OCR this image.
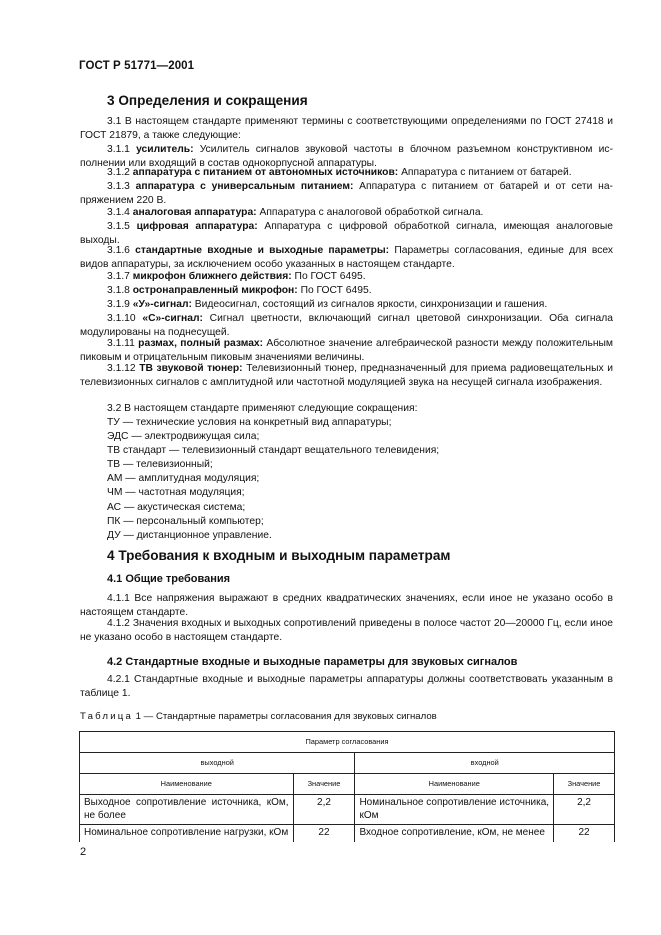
ГОСТ Р 51771—2001
3 Определения и сокращения
3.1 В настоящем стандарте применяют термины с соответствующими определениями по ГОСТ 27418 и ГОСТ 21879, а также следующие:
3.1.1 усилитель: Усилитель сигналов звуковой частоты в блочном разъемном конструктивном исполнении или входящий в состав однокорпусной аппаратуры.
3.1.2 аппаратура с питанием от автономных источников: Аппаратура с питанием от батарей.
3.1.3 аппаратура с универсальным питанием: Аппаратура с питанием от батарей и от сети напряжением 220 В.
3.1.4 аналоговая аппаратура: Аппаратура с аналоговой обработкой сигнала.
3.1.5 цифровая аппаратура: Аппаратура с цифровой обработкой сигнала, имеющая аналоговые выходы.
3.1.6 стандартные входные и выходные параметры: Параметры согласования, единые для всех видов аппаратуры, за исключением особо указанных в настоящем стандарте.
3.1.7 микрофон ближнего действия: По ГОСТ 6495.
3.1.8 остронаправленный микрофон: По ГОСТ 6495.
3.1.9 «У»-сигнал: Видеосигнал, состоящий из сигналов яркости, синхронизации и гашения.
3.1.10 «С»-сигнал: Сигнал цветности, включающий сигнал цветовой синхронизации. Оба сигнала модулированы на поднесущей.
3.1.11 размах, полный размах: Абсолютное значение алгебраической разности между положительным пиковым и отрицательным пиковым значениями величины.
3.1.12 ТВ звуковой тюнер: Телевизионный тюнер, предназначенный для приема радиовещательных и телевизионных сигналов с амплитудной или частотной модуляцией звука на несущей сигнала изображения.
3.2 В настоящем стандарте применяют следующие сокращения:
ТУ — технические условия на конкретный вид аппаратуры;
ЭДС — электродвижущая сила;
ТВ стандарт — телевизионный стандарт вещательного телевидения;
ТВ — телевизионный;
АМ — амплитудная модуляция;
ЧМ — частотная модуляция;
АС — акустическая система;
ПК — персональный компьютер;
ДУ — дистанционное управление.
4 Требования к входным и выходным параметрам
4.1 Общие требования
4.1.1 Все напряжения выражают в средних квадратических значениях, если иное не указано особо в настоящем стандарте.
4.1.2 Значения входных и выходных сопротивлений приведены в полосе частот 20—20000 Гц, если иное не указано особо в настоящем стандарте.
4.2 Стандартные входные и выходные параметры для звуковых сигналов
4.2.1 Стандартные входные и выходные параметры аппаратуры должны соответствовать указанным в таблице 1.
Таблица 1 — Стандартные параметры согласования для звуковых сигналов
Параметр согласования			
выходной		входной	
Наименование	Значение	Наименование	Значение
Выходное сопротивление источника, кОм, не более	2,2	Номинальное сопротивление источника, кОм	2,2
Номинальное сопротивление нагрузки, кОм	22	Входное сопротивление, кОм, не менее	22
2
